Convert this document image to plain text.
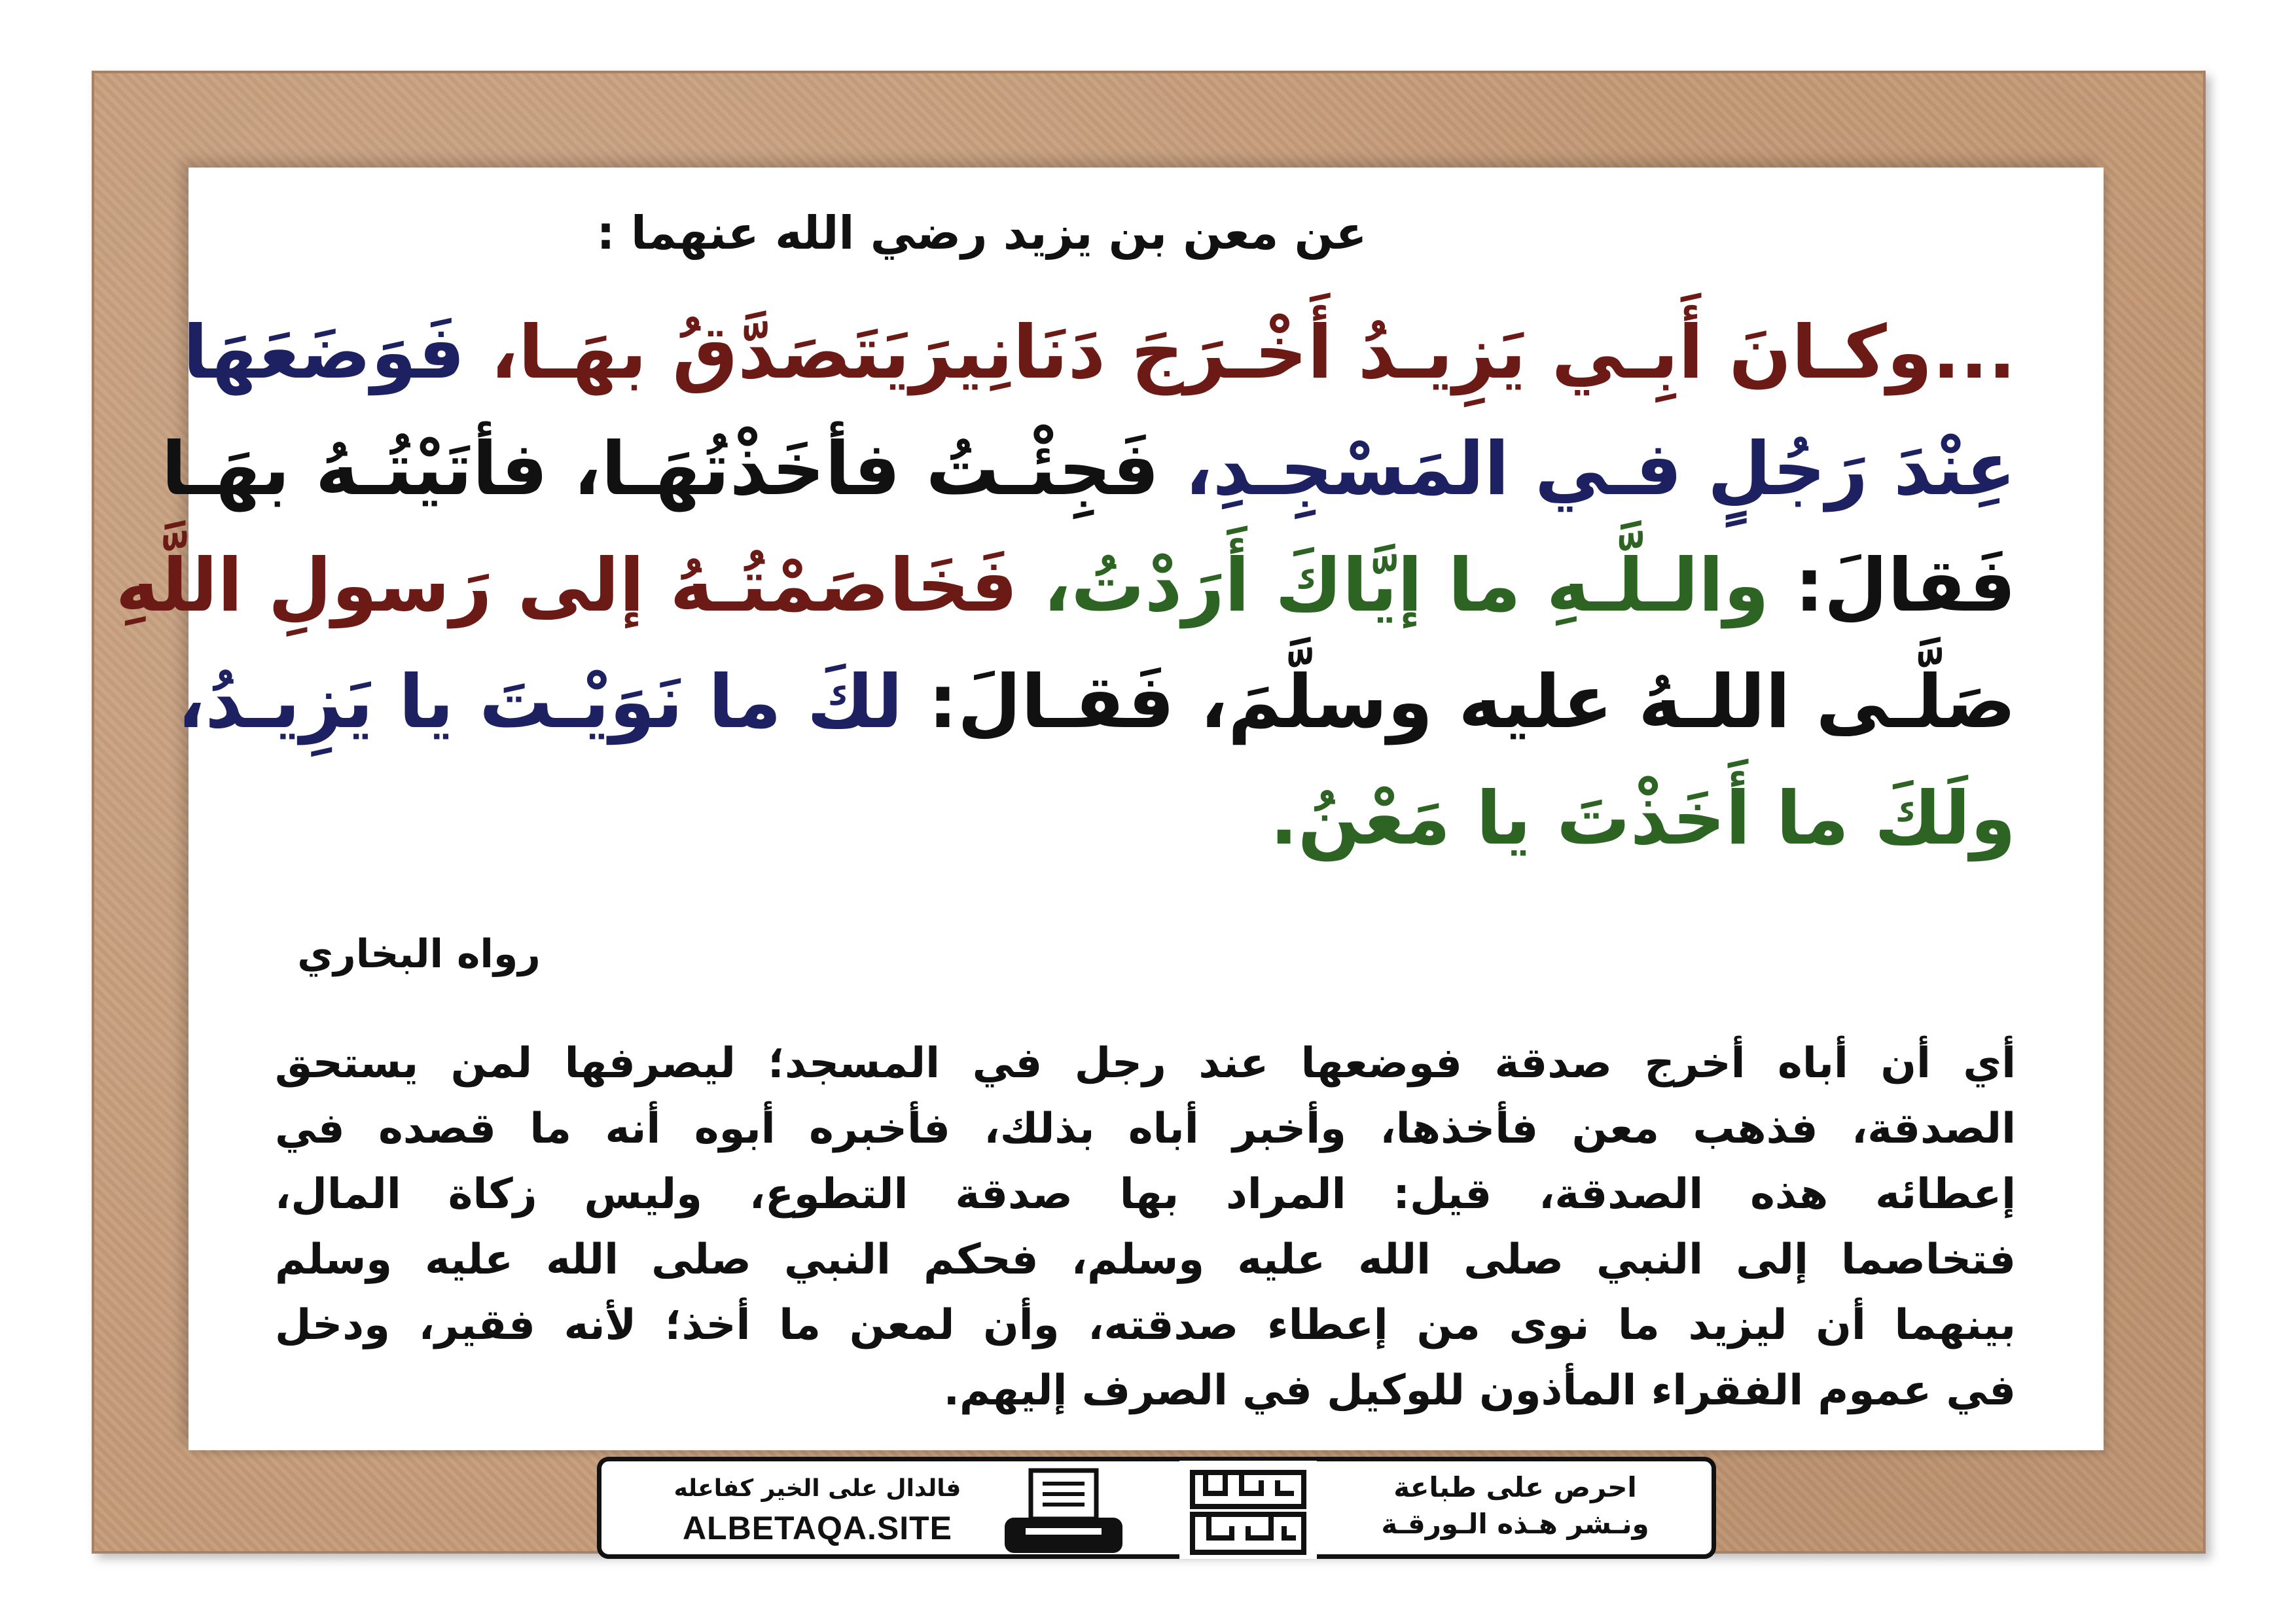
عن معن بن يزيد رضي الله عنهما :
...وكـانَ أَبِـي يَزِيـدُ أَخْـرَجَ دَنَانِيرَيَتَصَدَّقُ بهَـا، فَوَضَعَهَا
عِنْدَ رَجُلٍ فـي المَسْجِـدِ، فَجِئْـتُ فأخَذْتُهَـا، فأتَيْتُـهُ بهَـا
فَقالَ: والـلَّـهِ ما إيَّاكَ أَرَدْتُ، فَخَاصَمْتُـهُ إلى رَسولِ اللَّهِ
صَلَّـى اللـهُ عليه وسلَّمَ، فَقـالَ: لكَ ما نَوَيْـتَ يا يَزِيـدُ،
ولَكَ ما أَخَذْتَ يا مَعْنُ.
رواه البخاري
أي أن أباه أخرج صدقة فوضعها عند رجل في المسجد؛ ليصرفها لمن يستحق
الصدقة، فذهب معن فأخذها، وأخبر أباه بذلك، فأخبره أبوه أنه ما قصده في
إعطائه هذه الصدقة، قيل: المراد بها صدقة التطوع، وليس زكاة المال،
فتخاصما إلى النبي صلى الله عليه وسلم، فحكم النبي صلى الله عليه وسلم
بينهما أن ليزيد ما نوى من إعطاء صدقته، وأن لمعن ما أخذ؛ لأنه فقير، ودخل
في عموم الفقراء المأذون للوكيل في الصرف إليهم.
احرص على طباعة
ونـشر هـذه الـورقـة
فالدال على الخير كفاعله
ALBETAQA.SITE	دعوة الورقة
